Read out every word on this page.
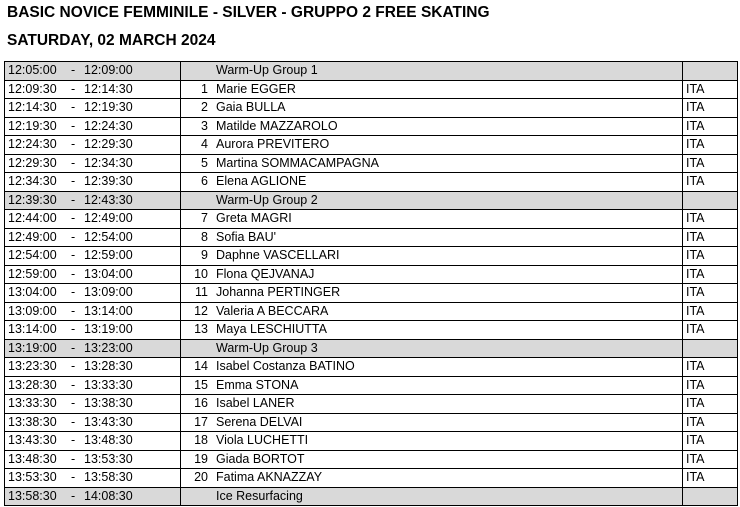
BASIC NOVICE FEMMINILE - SILVER - GRUPPO 2 FREE SKATING
SATURDAY, 02 MARCH 2024
12:05:00 - 12:09:00	Warm-Up Group 1	
12:09:30 - 12:14:30	1 Marie EGGER	ITA
12:14:30 - 12:19:30	2 Gaia BULLA	ITA
12:19:30 - 12:24:30	3 Matilde MAZZAROLO	ITA
12:24:30 - 12:29:30	4 Aurora PREVITERO	ITA
12:29:30 - 12:34:30	5 Martina SOMMACAMPAGNA	ITA
12:34:30 - 12:39:30	6 Elena AGLIONE	ITA
12:39:30 - 12:43:30	Warm-Up Group 2	
12:44:00 - 12:49:00	7 Greta MAGRI	ITA
12:49:00 - 12:54:00	8 Sofia BAU'	ITA
12:54:00 - 12:59:00	9 Daphne VASCELLARI	ITA
12:59:00 - 13:04:00	10 Flona QEJVANAJ	ITA
13:04:00 - 13:09:00	11 Johanna PERTINGER	ITA
13:09:00 - 13:14:00	12 Valeria A BECCARA	ITA
13:14:00 - 13:19:00	13 Maya LESCHIUTTA	ITA
13:19:00 - 13:23:00	Warm-Up Group 3	
13:23:30 - 13:28:30	14 Isabel Costanza BATINO	ITA
13:28:30 - 13:33:30	15 Emma STONA	ITA
13:33:30 - 13:38:30	16 Isabel LANER	ITA
13:38:30 - 13:43:30	17 Serena DELVAI	ITA
13:43:30 - 13:48:30	18 Viola LUCHETTI	ITA
13:48:30 - 13:53:30	19 Giada BORTOT	ITA
13:53:30 - 13:58:30	20 Fatima AKNAZZAY	ITA
13:58:30 - 14:08:30	Ice Resurfacing	
